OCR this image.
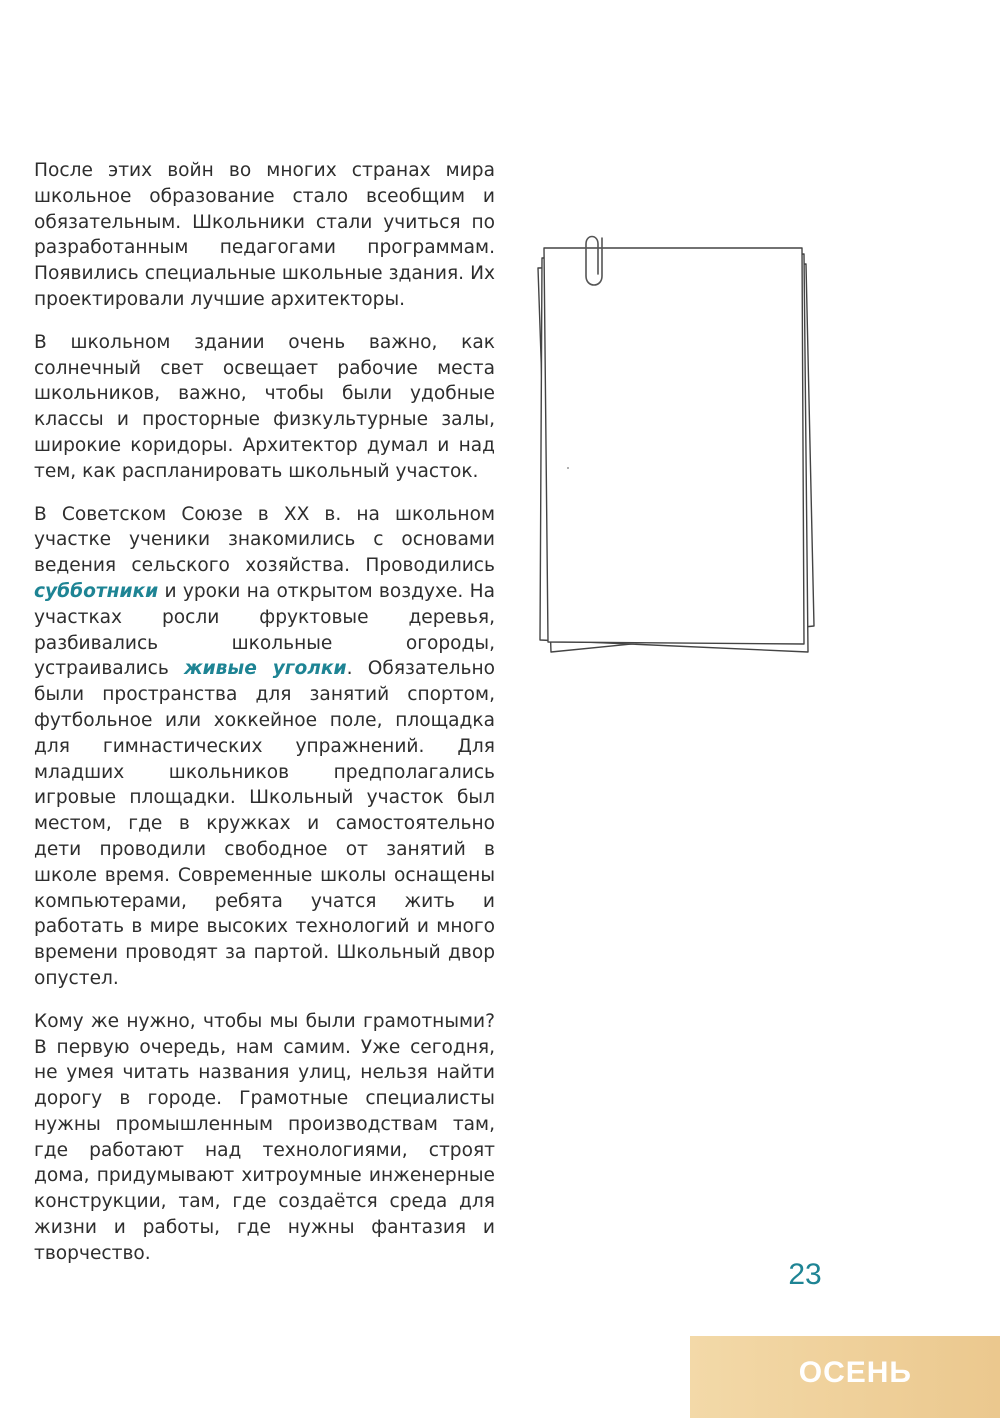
После этих войн во многих странах мира школьное образование стало всеобщим и обязательным. Школьники стали учиться по разработанным педагогами программам. Появились специальные школьные здания. Их проектировали лучшие архитекторы.

В школьном здании очень важно, как солнечный свет освещает рабочие места школьников, важно, чтобы были удобные классы и просторные физкультурные залы, широкие коридоры. Архитектор думал и над тем, как распланировать школьный участок.

В Советском Союзе в XX в. на школьном участке ученики знакомились с основами ведения сельского хозяйства. Проводились субботники и уроки на открытом воздухе. На участках росли фруктовые деревья, разбивались школьные огороды, устраивались живые уголки. Обязательно были пространства для занятий спортом, футбольное или хоккейное поле, площадка для гимнастических упражнений. Для младших школьников предполагались игровые площадки. Школьный участок был местом, где в кружках и самостоятельно дети проводили свободное от занятий в школе время. Современные школы оснащены компьютерами, ребята учатся жить и работать в мире высоких технологий и много времени проводят за партой. Школьный двор опустел.

Кому же нужно, чтобы мы были грамотными? В первую очередь, нам самим. Уже сегодня, не умея читать названия улиц, нельзя найти дорогу в городе. Грамотные специалисты нужны промышленным производствам там, где работают над технологиями, строят дома, придумывают хитроумные инженерные конструкции, там, где создаётся среда для жизни и работы, где нужны фантазия и творчество.

23
ОСЕНЬ
